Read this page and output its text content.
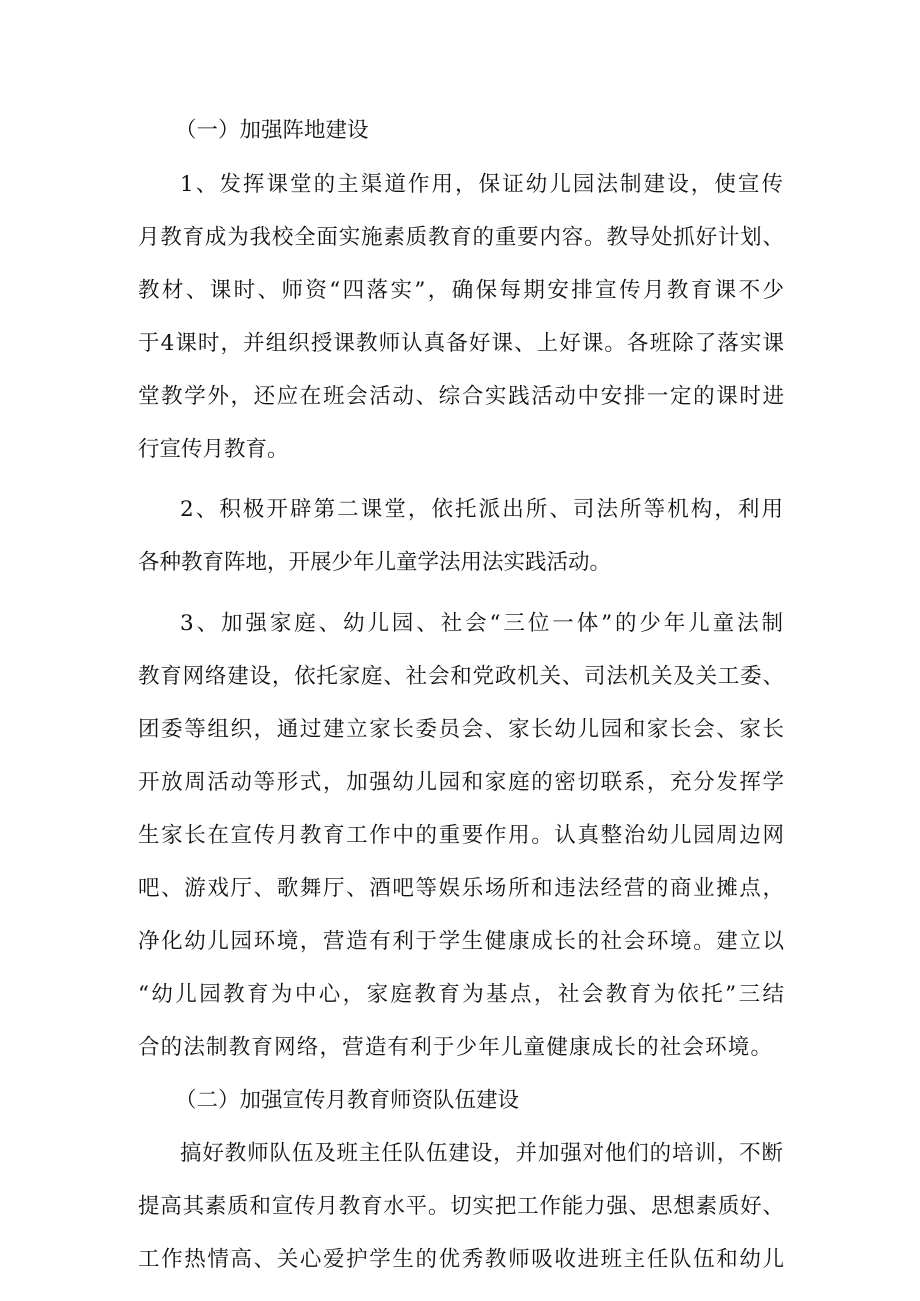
（一）加强阵地建设
1、发挥课堂的主渠道作用，保证幼儿园法制建设，使宣传
月教育成为我校全面实施素质教育的重要内容。教导处抓好计划、
教材、课时、师资“四落实”，确保每期安排宣传月教育课不少
于4课时，并组织授课教师认真备好课、上好课。各班除了落实课
堂教学外，还应在班会活动、综合实践活动中安排一定的课时进
行宣传月教育。
2、积极开辟第二课堂，依托派出所、司法所等机构，利用
各种教育阵地，开展少年儿童学法用法实践活动。
3、加强家庭、幼儿园、社会“三位一体”的少年儿童法制
教育网络建设，依托家庭、社会和党政机关、司法机关及关工委、
团委等组织，通过建立家长委员会、家长幼儿园和家长会、家长
开放周活动等形式，加强幼儿园和家庭的密切联系，充分发挥学
生家长在宣传月教育工作中的重要作用。认真整治幼儿园周边网
吧、游戏厅、歌舞厅、酒吧等娱乐场所和违法经营的商业摊点，
净化幼儿园环境，营造有利于学生健康成长的社会环境。建立以
“幼儿园教育为中心，家庭教育为基点，社会教育为依托”三结
合的法制教育网络，营造有利于少年儿童健康成长的社会环境。
（二）加强宣传月教育师资队伍建设
搞好教师队伍及班主任队伍建设，并加强对他们的培训，不断
提高其素质和宣传月教育水平。切实把工作能力强、思想素质好、
工作热情高、关心爱护学生的优秀教师吸收进班主任队伍和幼儿
